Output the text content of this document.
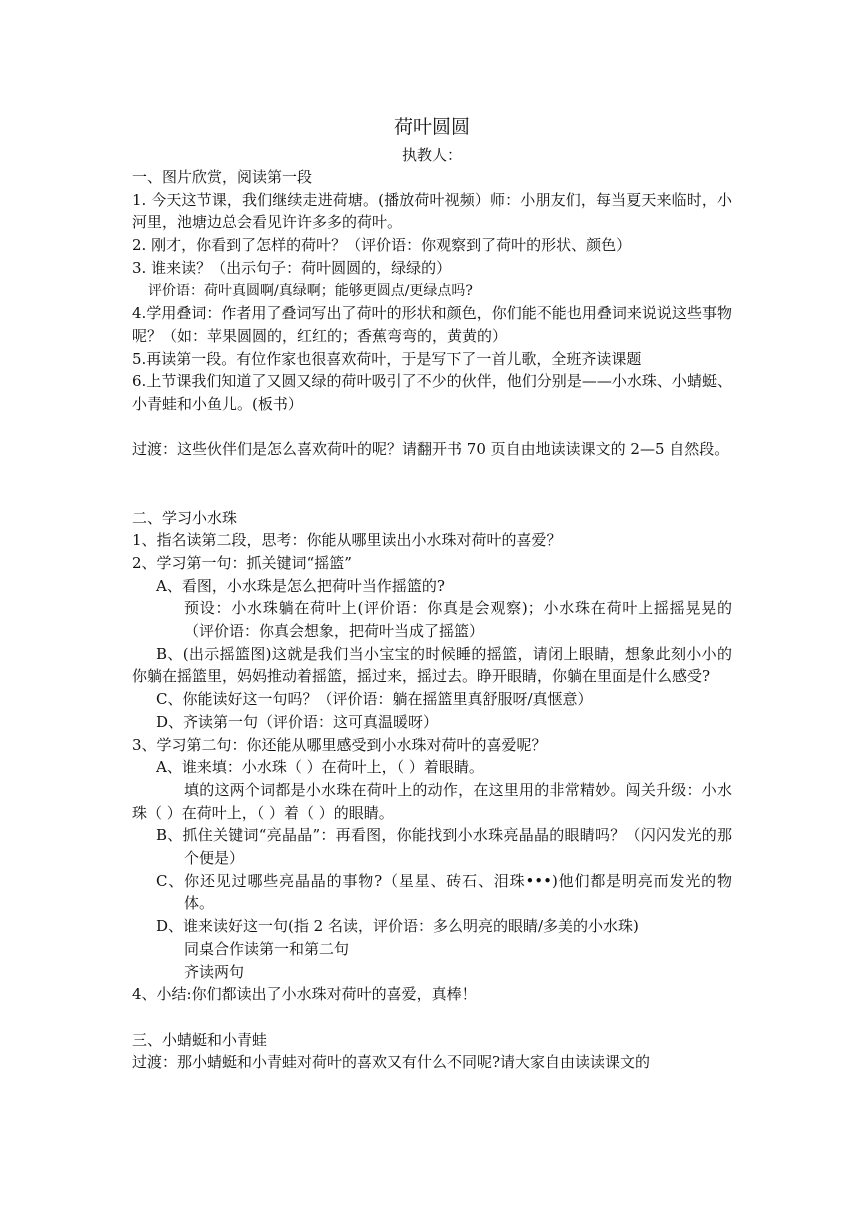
荷叶圆圆

执教人：

一、图片欣赏，阅读第一段

1. 今天这节课，我们继续走进荷塘。(播放荷叶视频）师：小朋友们，每当夏天来临时，小河里，池塘边总会看见许许多多的荷叶。

2. 刚才，你看到了怎样的荷叶？（评价语：你观察到了荷叶的形状、颜色）

3. 谁来读？（出示句子：荷叶圆圆的，绿绿的）

评价语：荷叶真圆啊/真绿啊；能够更圆点/更绿点吗?

4.学用叠词：作者用了叠词写出了荷叶的形状和颜色，你们能不能也用叠词来说说这些事物呢？（如：苹果圆圆的，红红的；香蕉弯弯的，黄黄的）

5.再读第一段。有位作家也很喜欢荷叶，于是写下了一首儿歌，全班齐读课题

6.上节课我们知道了又圆又绿的荷叶吸引了不少的伙伴，他们分别是——小水珠、小蜻蜓、小青蛙和小鱼儿。(板书）

过渡：这些伙伴们是怎么喜欢荷叶的呢？请翻开书 70 页自由地读读课文的 2—5 自然段。

二、学习小水珠

1、指名读第二段，思考：你能从哪里读出小水珠对荷叶的喜爱？

2、学习第一句：抓关键词“摇篮”

A、看图，小水珠是怎么把荷叶当作摇篮的?

预设：小水珠躺在荷叶上(评价语：你真是会观察)；小水珠在荷叶上摇摇晃晃的（评价语：你真会想象，把荷叶当成了摇篮）

B、(出示摇篮图)这就是我们当小宝宝的时候睡的摇篮，请闭上眼睛，想象此刻小小的你躺在摇篮里，妈妈推动着摇篮，摇过来，摇过去。睁开眼睛，你躺在里面是什么感受?

C、你能读好这一句吗？（评价语：躺在摇篮里真舒服呀/真惬意）

D、齐读第一句（评价语：这可真温暖呀）

3、学习第二句：你还能从哪里感受到小水珠对荷叶的喜爱呢？

A、谁来填：小水珠（ ）在荷叶上，（ ）着眼睛。

填的这两个词都是小水珠在荷叶上的动作，在这里用的非常精妙。闯关升级：小水珠（ ）在荷叶上，（ ）着（ ）的眼睛。

B、抓住关键词“亮晶晶”：再看图，你能找到小水珠亮晶晶的眼睛吗？（闪闪发光的那个便是）

C、你还见过哪些亮晶晶的事物?（星星、砖石、泪珠•••)他们都是明亮而发光的物体。

D、谁来读好这一句(指 2 名读，评价语：多么明亮的眼睛/多美的小水珠)

同桌合作读第一和第二句

齐读两句

4、小结:你们都读出了小水珠对荷叶的喜爱，真棒！

三、小蜻蜓和小青蛙

过渡：那小蜻蜓和小青蛙对荷叶的喜欢又有什么不同呢?请大家自由读读课文的
